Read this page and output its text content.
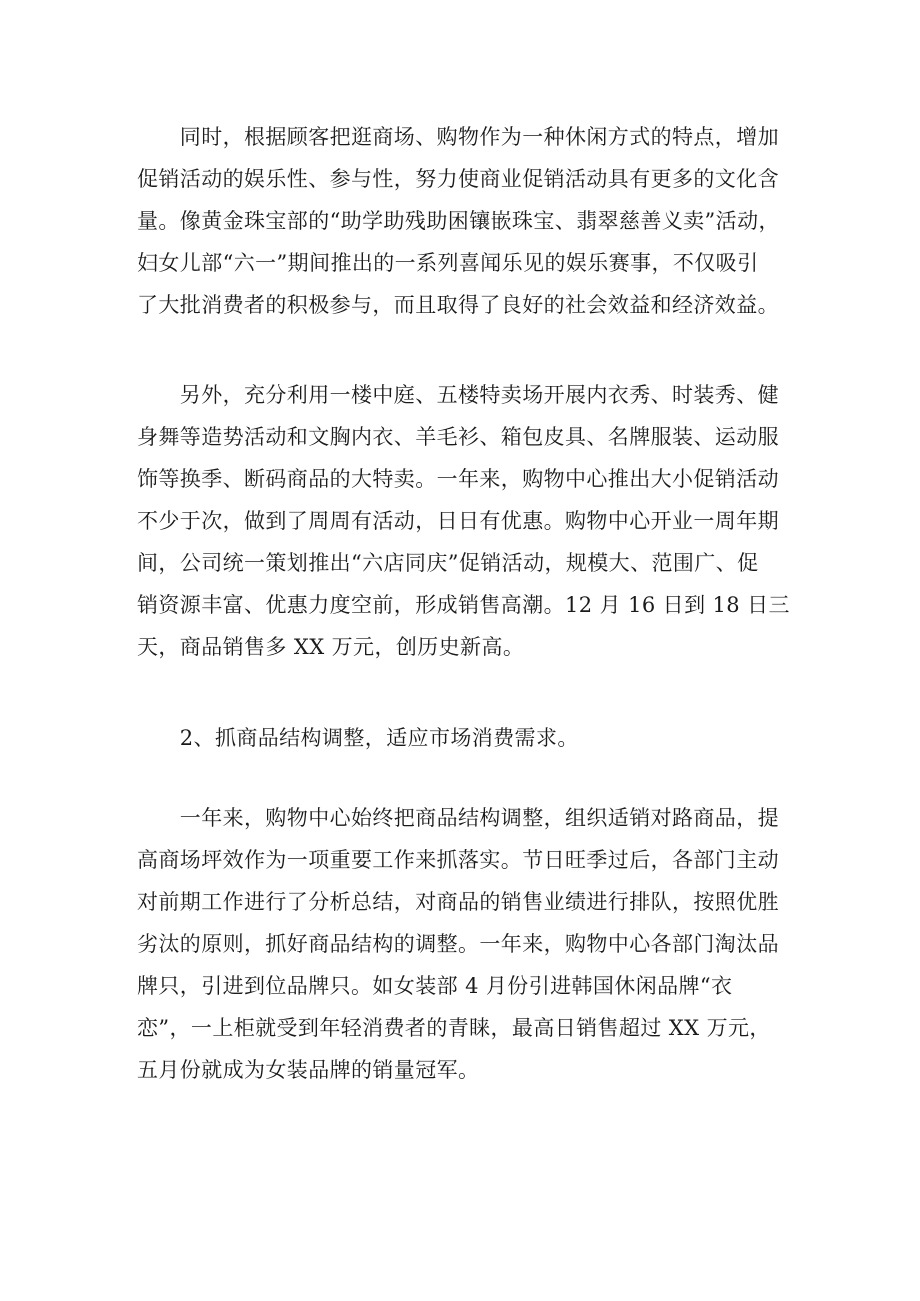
　　同时，根据顾客把逛商场、购物作为一种休闲方式的特点，增加
促销活动的娱乐性、参与性，努力使商业促销活动具有更多的文化含
量。像黄金珠宝部的“助学助残助困镶嵌珠宝、翡翠慈善义卖”活动，
妇女儿部“六一”期间推出的一系列喜闻乐见的娱乐赛事，不仅吸引
了大批消费者的积极参与，而且取得了良好的社会效益和经济效益。
　　另外，充分利用一楼中庭、五楼特卖场开展内衣秀、时装秀、健
身舞等造势活动和文胸内衣、羊毛衫、箱包皮具、名牌服装、运动服
饰等换季、断码商品的大特卖。一年来，购物中心推出大小促销活动
不少于次，做到了周周有活动，日日有优惠。购物中心开业一周年期
间，公司统一策划推出“六店同庆”促销活动，规模大、范围广、促
销资源丰富、优惠力度空前，形成销售高潮。12 月 16 日到 18 日三
天，商品销售多 XX 万元，创历史新高。
　　2、抓商品结构调整，适应市场消费需求。
　　一年来，购物中心始终把商品结构调整，组织适销对路商品，提
高商场坪效作为一项重要工作来抓落实。节日旺季过后，各部门主动
对前期工作进行了分析总结，对商品的销售业绩进行排队，按照优胜
劣汰的原则，抓好商品结构的调整。一年来，购物中心各部门淘汰品
牌只，引进到位品牌只。如女装部 4 月份引进韩国休闲品牌“衣
恋”，一上柜就受到年轻消费者的青睐，最高日销售超过 XX 万元，
五月份就成为女装品牌的销量冠军。
